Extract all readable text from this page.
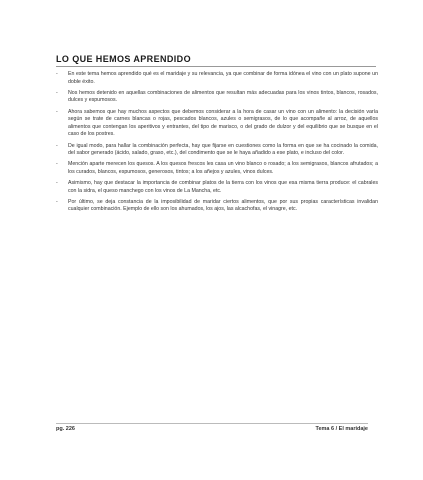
LO QUE HEMOS APRENDIDO
- En este tema hemos aprendido qué es el maridaje y su relevancia, ya que combinar de forma idónea el vino con un plato supone un doble éxito.
- Nos hemos detenido en aquellas combinaciones de alimentos que resultan más adecuadas para los vinos tintos, blancos, rosados, dulces y espumosos.
- Ahora sabemos que hay muchos aspectos que debemos considerar a la hora de casar un vino con un alimento: la decisión varía según se trate de carnes blancas o rojas, pescados blancos, azules o semigrasos, de lo que acompañe al arroz, de aquellos alimentos que contengan los aperitivos y entrantes, del tipo de marisco, o del grado de dulzor y del equilibrio que se busque en el caso de los postres.
- De igual modo, para hallar la combinación perfecta, hay que fijarse en cuestiones como la forma en que se ha cocinado la comida, del sabor generado (ácido, salado, graso, etc.), del condimento que se le haya añadido a ese plato, e incluso del color.
- Mención aparte merecen los quesos. A los quesos frescos les casa un vino blanco o rosado; a los semigrasos, blancos afrutados; a los curados, blancos, espumosos, generosos, tintos; a los añejos y azules, vinos dulces.
- Asimismo, hay que destacar la importancia de combinar platos de la tierra con los vinos que esa misma tierra produce: el cabrales con la sidra, el queso manchego con los vinos de La Mancha, etc.
- Por último, se deja constancia de la imposibilidad de maridar ciertos alimentos, que por sus propias características invalidan cualquier combinación. Ejemplo de ello son los ahumados, los ajos, las alcachofas, el vinagre, etc.
pg. 226	Tema 6 / El maridaje
